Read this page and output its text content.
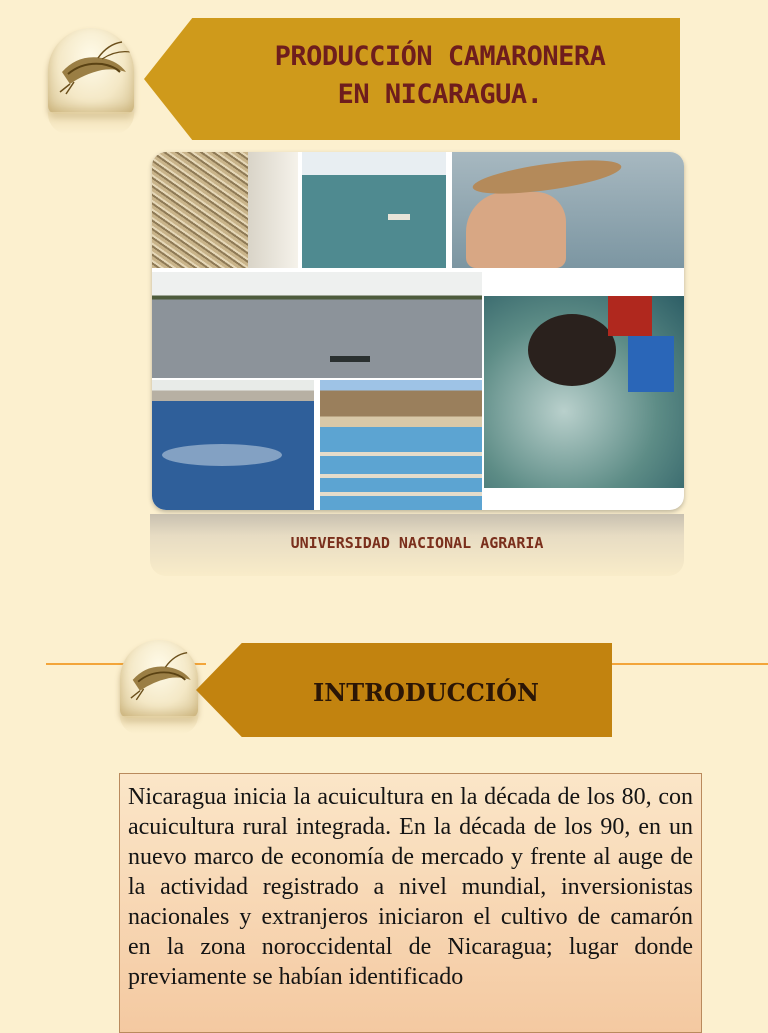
PRODUCCIÓN CAMARONERA
EN NICARAGUA.
UNIVERSIDAD NACIONAL AGRARIA
INTRODUCCIÓN
Nicaragua inicia la acuicultura en la década de los 80, con acuicultura rural integrada. En la década de los 90, en un nuevo marco de economía de mercado y frente al auge de la actividad registrado a nivel mundial, inversionistas nacionales y extranjeros iniciaron el cultivo de camarón en la zona noroccidental de Nicaragua; lugar donde previamente se habían identificado
